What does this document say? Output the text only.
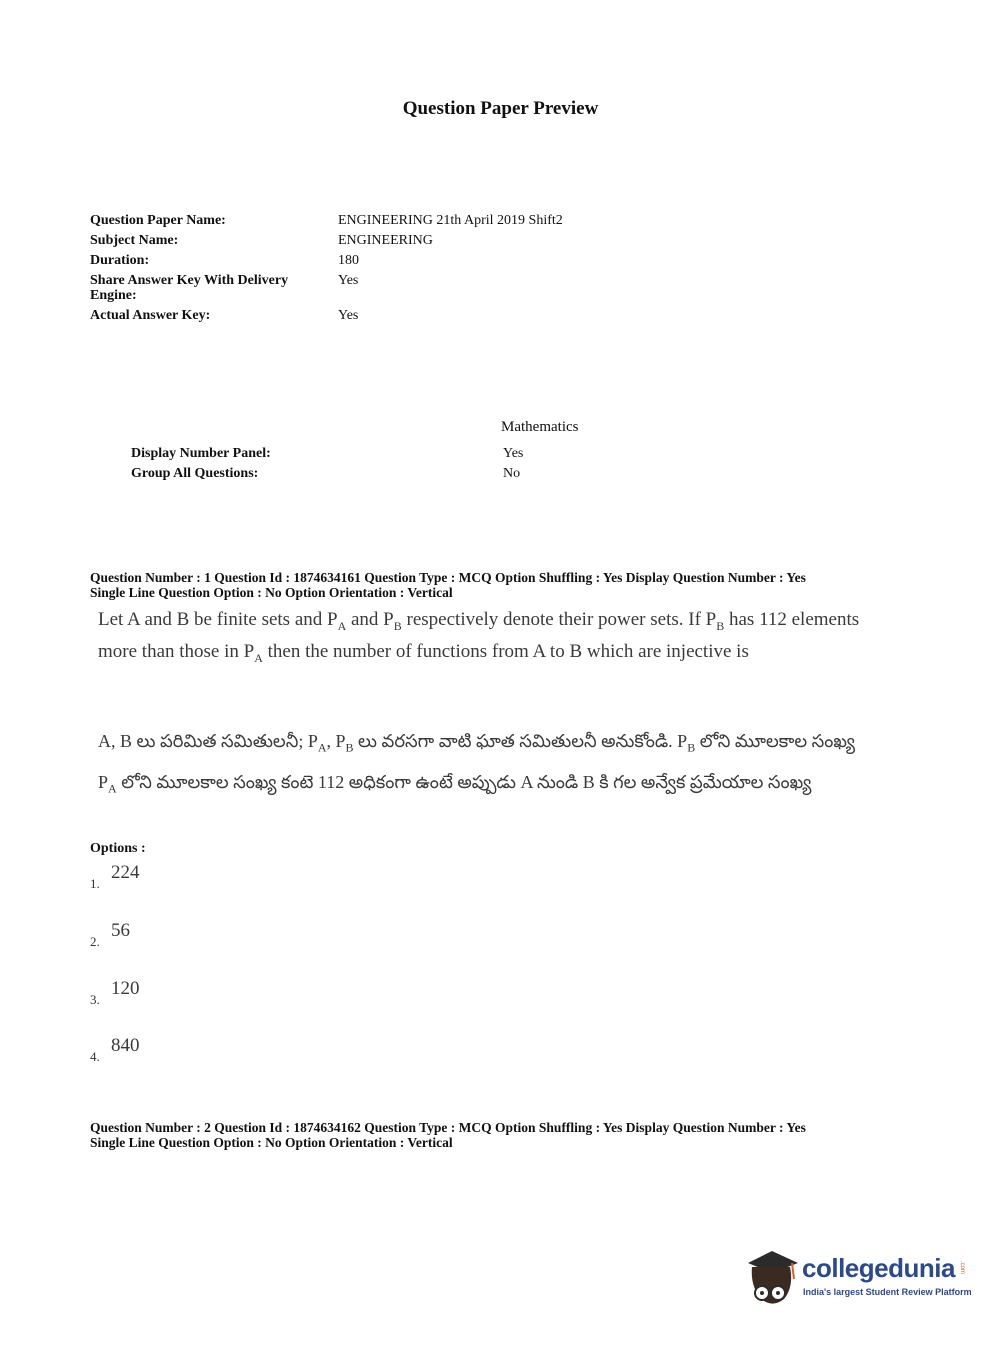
Question Paper Preview
Question Paper Name:	ENGINEERING 21th April 2019 Shift2
Subject Name:	ENGINEERING
Duration:	180
Share Answer Key With Delivery Engine:
Yes
Actual Answer Key:	Yes
Mathematics
Display Number Panel:	Yes
Group All Questions:	No
Question Number : 1 Question Id : 1874634161 Question Type : MCQ Option Shuffling : Yes Display Question Number : Yes
Single Line Question Option : No Option Orientation : Vertical
Let A and B be finite sets and $P_A$ and $P_B$ respectively denote their power sets. If $P_B$ has 112 elements more than those in $P_A$ then the number of functions from A to B which are injective is
A, B లు పరిమిత సమితులనీ; $P_A$, $P_B$ లు వరసగా వాటి ఘాత సమితులనీ అనుకోండి. $P_B$ లోని మూలకాల సంఖ్య $P_A$ లోని మూలకాల సంఖ్య కంటె 112 అధికంగా ఉంటే అప్పుడు A నుండి B కి గల అన్వేక ప్రమేయాల సంఖ్య
Options :
1.
224
2.
56
3.
120
4.
840
Question Number : 2 Question Id : 1874634162 Question Type : MCQ Option Shuffling : Yes Display Question Number : Yes
Single Line Question Option : No Option Orientation : Vertical
collegedunia .com
India's largest Student Review Platform
